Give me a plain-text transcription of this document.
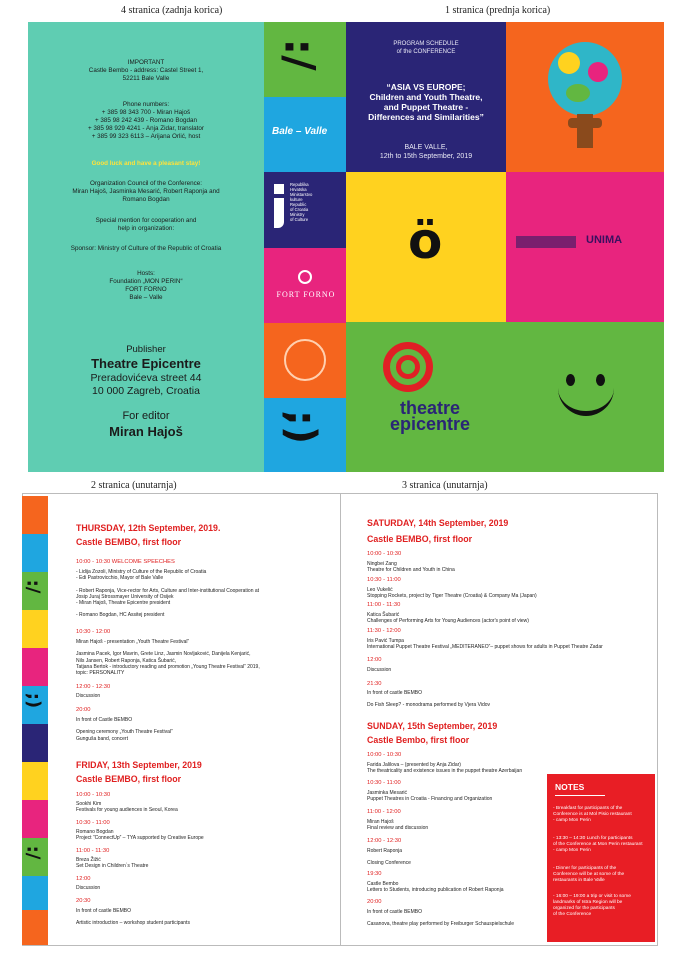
4 stranica (zadnja korica)	1 stranica (prednja korica)
2 stranica (unutarnja)	3 stranica (unutarnja)
IMPORTANT
Castle Bembo - address: Castel Street 1,
52211 Bale Valle
Phone numbers:
+ 385 98 343 700 - Miran Hajoš
+ 385 98 242 439 - Romano Bogdan
+ 385 98 929 4241 - Anja Zidar, translator
+ 385 99 323 6113 – Arijana Orlić, host
Good luck and have a pleasant stay!
Organization Council of the Conference:
Miran Hajoš, Jasminka Mesarić, Robert Raponja and
Romano Bogdan
Special mention for cooperation and
help in organization:
Sponsor: Ministry of Culture of the Republic of Croatia
Hosts:
Foundation „MON PERIN“
FORT FORNO
Bale – Valle
Publisher
Theatre Epicentre
Preradovićeva street 44
10 000 Zagreb, Croatia
For editor
Miran Hajoš
:/
Bale – Valle
Republika
Hrvatska
Ministarstvo
kulture
Republic
of Croatia
Ministry
of Culture
FORT FORNO
;)
PROGRAM SCHEDULE
of the CONFERENCE
“ASIA VS EUROPE;
Children and Youth Theatre,
and Puppet Theatre -
Differences and Similarities”
BALE VALLE,
12th to 15th September, 2019
ö	UNIMA
theatre
epicentre
:/
;)
:/
THURSDAY, 12th September, 2019.
Castle BEMBO, first floor
10:00 - 10:30 WELCOME SPEECHES
- Lidija Zozoli, Ministry of Culture of the Republic of Croatia
- Edi Pastrovicchio, Mayor of Bale Valle

- Robert Raponja, Vice-rector for Arts, Culture and Inter-institutional Cooperation at
Josip Juraj Strossmayer University of Osijek
- Miran Hajoš, Theatre Epicentre president

- Romano Bogdan, HC Assitej president
10:30 - 12:00
Miran Hajoš - presentation „Youth Theatre Festival“

Jasmina Pacek, Igor Mavrin, Grete Linz, Jasmin Novljaković, Danijela Kenjarić,
Nils Jansen, Robert Raponja, Katica Šubarić,
Tatjana Bertok - introductory reading and promotion „Young Theatre Festival“ 2019,
topic: PERSONALITY
12:00 - 12:30
Discussion
20:00
In front of Castle BEMBO

Opening ceremony „Youth Theatre Festival“
Gunguša band, concert
FRIDAY, 13th September, 2019
Castle BEMBO, first floor
10:00 - 10:30
Sookhi Kim
Festivals for young audiences in Seoul, Korea
10:30 - 11:00
Romano Bogdan
Project “ConnectUp” – TYA supported by Creative Europe
11:00 - 11:30
Breza Žižić
Set Design in Children`s Theatre
12:00
Discussion
20:30
In front of castle BEMBO

Artistic introduction – workshop student participants
SATURDAY, 14th September, 2019
Castle BEMBO, first floor
10:00 - 10:30
Ningbei Zang
Theatre for Children and Youth in China
10:30 - 11:00
Leo Vukelić
Stopping Rockets, project by Tiger Theatre (Croatia) & Company Ma (Japan)
11:00 - 11:30
Katica Šubarić
Challenges of Performing Arts for Young Audiences (actor's point of view)
11:30 - 12:00
Iris Pavić Tumpa
International Puppet Theatre Festival „MEDITERANEO“– puppet shows for adults in Puppet Theatre Zadar
12:00
Discussion
21:30
In front of castle BEMBO

Do Fish Sleep? - monodrama performed by Vjera Vidov
SUNDAY, 15th September, 2019
Castle Bembo, first floor
10:00 - 10:30
Farida Jalilova – (presented by Anja Zidar)
The theatricality and existence issues in the puppet theatre Azerbaijan
10:30 - 11:00
Jasminka Mesarić
Puppet Theatres in Croatia - Financing and Organization
11:00 - 12:00
Miran Hajoš
Final review and discussion
12:00 - 12:30
Robert Raponja

Closing Conference
19:30
Castle Bembo
Letters to Students, introducing publication of Robert Raponja
20:00
In front of castle BEMBO

Casanova, theatre play performed by Freiburger Schauspielschule
NOTES
- Breakfast for participants of the
Conference is at Mol Pisio restaurant
- camp Mon Perin
- 13:30 – 14:30 Lunch for participants
of the Conference at Mon Perin restaurant
- camp Mon Perin
- Dinner for participants of the
Conference will be at some of the
restaurants in Bale Valle
- 16:00 – 19:00 a trip or visit to some
landmarks of Istra Region will be
organized for the participants
of the Conference
